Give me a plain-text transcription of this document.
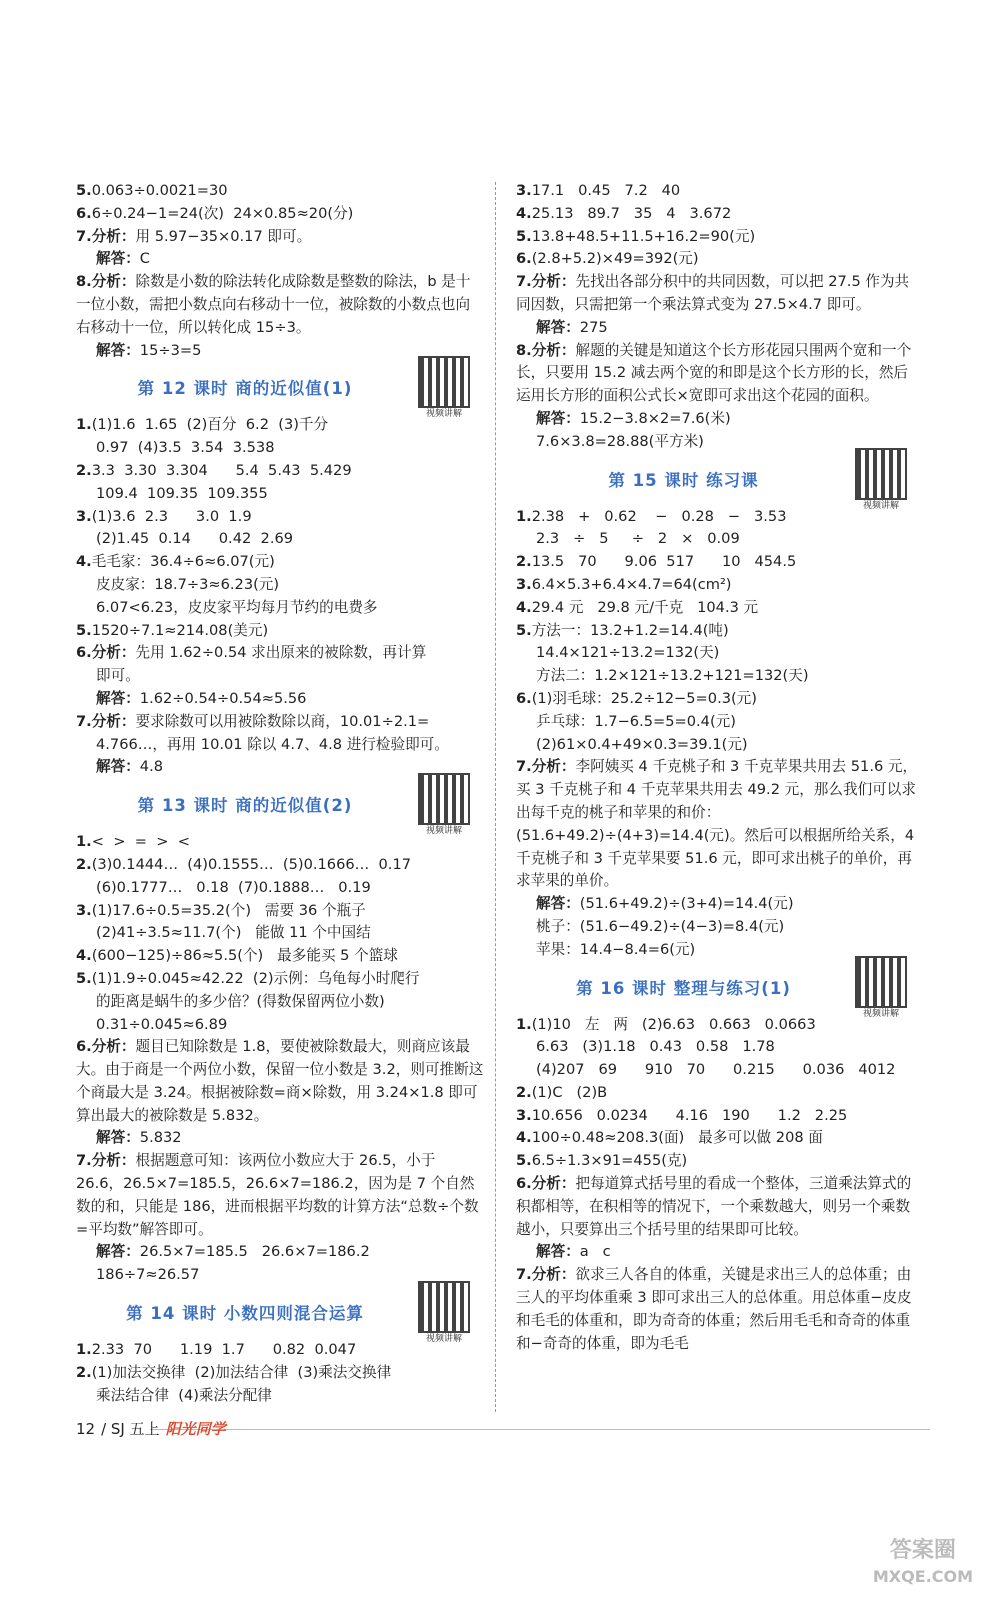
5.0.063÷0.0021=30
6.6÷0.24−1=24(次)  24×0.85≈20(分)
7.分析：用 5.97−35×0.17 即可。
解答：C
8.分析：除数是小数的除法转化成除数是整数的除法，b 是十一位小数，需把小数点向右移动十一位，被除数的小数点也向右移动十一位，所以转化成 15÷3。
解答：15÷3=5
第 12 课时 商的近似值(1)
视频讲解
1.(1)1.6  1.65  (2)百分  6.2  (3)千分
0.97  (4)3.5  3.54  3.538
2.3.3  3.30  3.304      5.4  5.43  5.429
109.4  109.35  109.355
3.(1)3.6  2.3      3.0  1.9
(2)1.45  0.14      0.42  2.69
4.毛毛家：36.4÷6≈6.07(元)
皮皮家：18.7÷3≈6.23(元)
6.07<6.23，皮皮家平均每月节约的电费多
5.1520÷7.1≈214.08(美元)
6.分析：先用 1.62÷0.54 求出原来的被除数，再计算
即可。
解答：1.62÷0.54÷0.54≈5.56
7.分析：要求除数可以用被除数除以商，10.01÷2.1=
4.766…，再用 10.01 除以 4.7、4.8 进行检验即可。
解答：4.8
第 13 课时 商的近似值(2)
视频讲解
1.<  >  =  >  <
2.(3)0.1444…  (4)0.1555…  (5)0.1666…  0.17
(6)0.1777…   0.18  (7)0.1888…   0.19
3.(1)17.6÷0.5=35.2(个)   需要 36 个瓶子
(2)41÷3.5≈11.7(个)   能做 11 个中国结
4.(600−125)÷86≈5.5(个)   最多能买 5 个篮球
5.(1)1.9÷0.045≈42.22  (2)示例：乌龟每小时爬行
的距离是蜗牛的多少倍？(得数保留两位小数)
0.31÷0.045≈6.89
6.分析：题目已知除数是 1.8，要使被除数最大，则商应该最大。由于商是一个两位小数，保留一位小数是 3.2，则可推断这个商最大是 3.24。根据被除数=商×除数，用 3.24×1.8 即可算出最大的被除数是 5.832。
解答：5.832
7.分析：根据题意可知：该两位小数应大于 26.5，小于 26.6，26.5×7=185.5，26.6×7=186.2，因为是 7 个自然数的和，只能是 186，进而根据平均数的计算方法“总数÷个数=平均数”解答即可。
解答：26.5×7=185.5   26.6×7=186.2
186÷7≈26.57
第 14 课时 小数四则混合运算
视频讲解
1.2.33  70      1.19  1.7      0.82  0.047
2.(1)加法交换律  (2)加法结合律  (3)乘法交换律
乘法结合律  (4)乘法分配律
3.17.1   0.45   7.2   40
4.25.13   89.7   35   4   3.672
5.13.8+48.5+11.5+16.2=90(元)
6.(2.8+5.2)×49=392(元)
7.分析：先找出各部分积中的共同因数，可以把 27.5 作为共同因数，只需把第一个乘法算式变为 27.5×4.7 即可。
解答：275
8.分析：解题的关键是知道这个长方形花园只围两个宽和一个长，只要用 15.2 减去两个宽的和即是这个长方形的长，然后运用长方形的面积公式长×宽即可求出这个花园的面积。
解答：15.2−3.8×2=7.6(米)
7.6×3.8=28.88(平方米)
第 15 课时 练习课
视频讲解
1.2.38   +   0.62    −   0.28   −   3.53
2.3   ÷   5     ÷   2   ×   0.09
2.13.5   70      9.06  517      10   454.5
3.6.4×5.3+6.4×4.7=64(cm²)
4.29.4 元   29.8 元/千克   104.3 元
5.方法一：13.2+1.2=14.4(吨)
14.4×121÷13.2=132(天)
方法二：1.2×121÷13.2+121=132(天)
6.(1)羽毛球：25.2÷12−5=0.3(元)
乒乓球：1.7−6.5=5=0.4(元)
(2)61×0.4+49×0.3=39.1(元)
7.分析：李阿姨买 4 千克桃子和 3 千克苹果共用去 51.6 元，买 3 千克桃子和 4 千克苹果共用去 49.2 元，那么我们可以求出每千克的桃子和苹果的和价：(51.6+49.2)÷(4+3)=14.4(元)。然后可以根据所给关系，4 千克桃子和 3 千克苹果要 51.6 元，即可求出桃子的单价，再求苹果的单价。
解答：(51.6+49.2)÷(3+4)=14.4(元)
桃子：(51.6−49.2)÷(4−3)=8.4(元)
苹果：14.4−8.4=6(元)
第 16 课时 整理与练习(1)
视频讲解
1.(1)10   左   两   (2)6.63   0.663   0.0663
6.63   (3)1.18   0.43   0.58   1.78
(4)207   69      910   70      0.215      0.036   4012
2.(1)C   (2)B
3.10.656   0.0234      4.16   190      1.2   2.25
4.100÷0.48≈208.3(面)   最多可以做 208 面
5.6.5÷1.3×91=455(克)
6.分析：把每道算式括号里的看成一个整体，三道乘法算式的积都相等，在积相等的情况下，一个乘数越大，则另一个乘数越小，只要算出三个括号里的结果即可比较。
解答：a   c
7.分析：欲求三人各自的体重，关键是求出三人的总体重；由三人的平均体重乘 3 即可求出三人的总体重。用总体重−皮皮和毛毛的体重和，即为奇奇的体重；然后用毛毛和奇奇的体重和−奇奇的体重，即为毛毛
12 / SJ 五上 阳光同学
答案圈
MXQE.COM
